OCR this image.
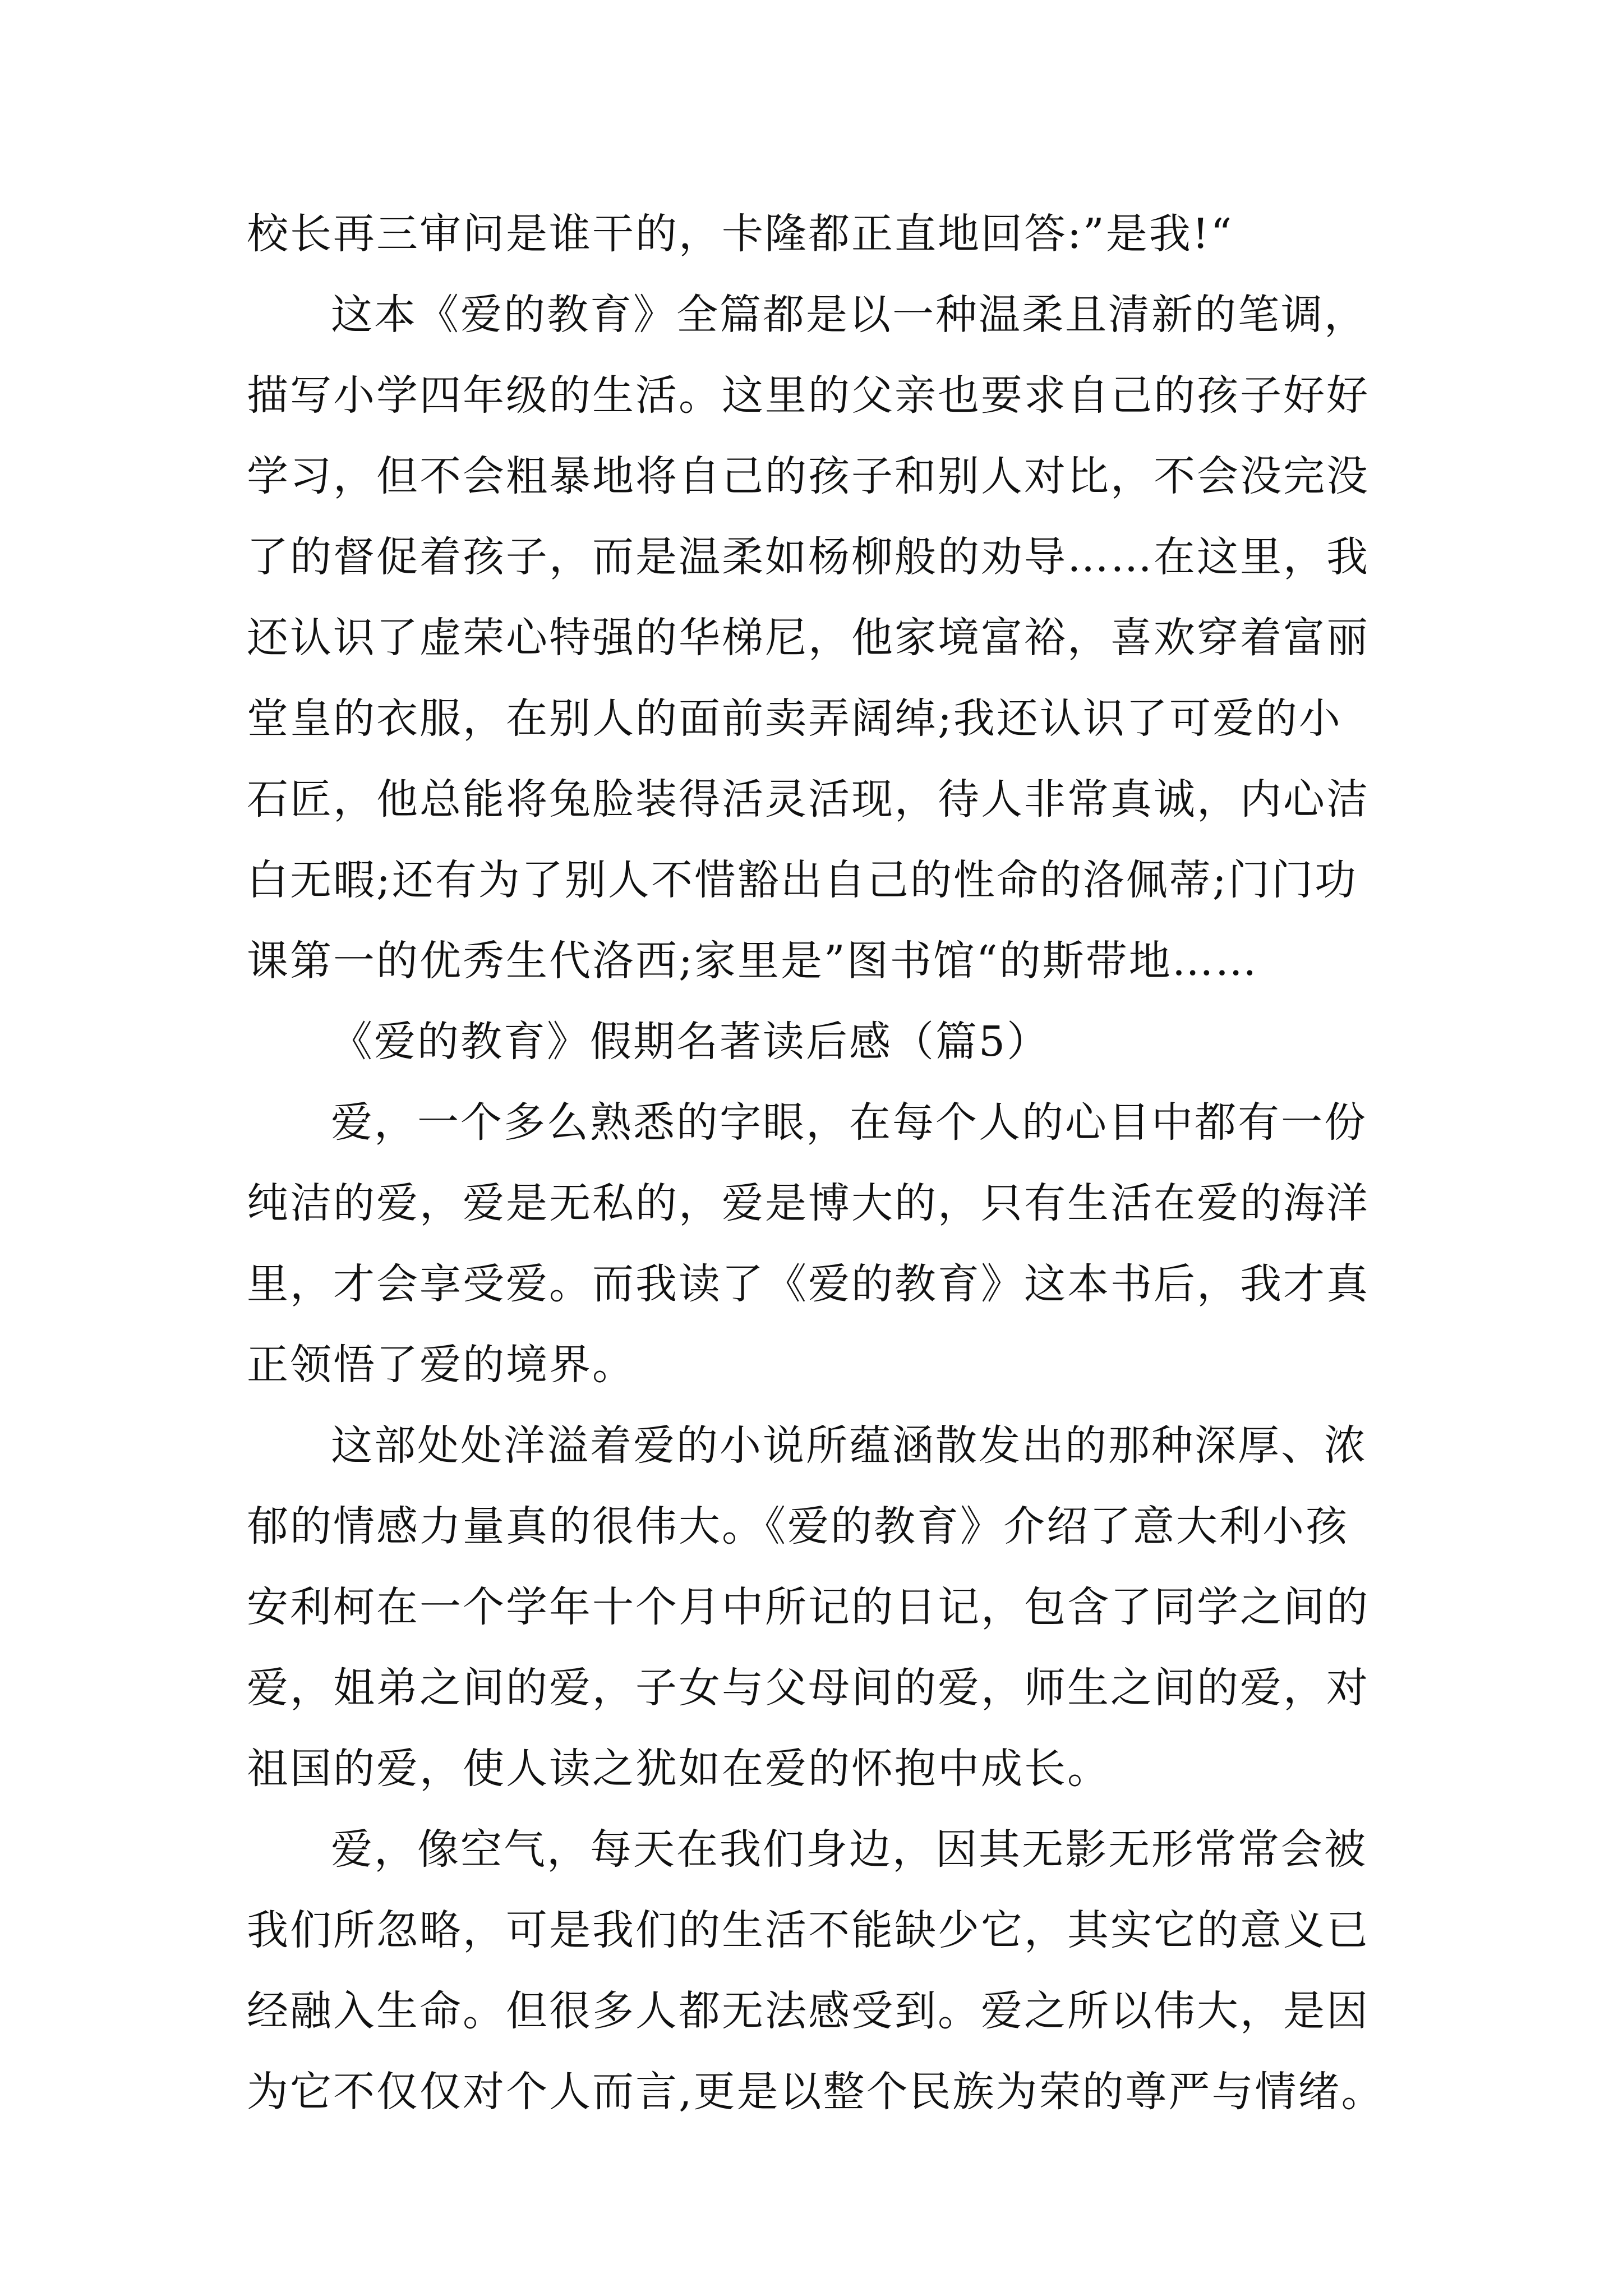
校长再三审问是谁干的，卡隆都正直地回答:”是我!“
这本《爱的教育》全篇都是以一种温柔且清新的笔调，
描写小学四年级的生活。这里的父亲也要求自己的孩子好好
学习，但不会粗暴地将自己的孩子和别人对比，不会没完没
了的督促着孩子，而是温柔如杨柳般的劝导……在这里，我
还认识了虚荣心特强的华梯尼，他家境富裕，喜欢穿着富丽
堂皇的衣服，在别人的面前卖弄阔绰;我还认识了可爱的小
石匠，他总能将兔脸装得活灵活现，待人非常真诚，内心洁
白无暇;还有为了别人不惜豁出自己的性命的洛佩蒂;门门功
课第一的优秀生代洛西;家里是”图书馆“的斯带地……
《爱的教育》假期名著读后感（篇5）
爱，一个多么熟悉的字眼，在每个人的心目中都有一份
纯洁的爱，爱是无私的，爱是博大的，只有生活在爱的海洋
里，才会享受爱。而我读了《爱的教育》这本书后，我才真
正领悟了爱的境界。
这部处处洋溢着爱的小说所蕴涵散发出的那种深厚、浓
郁的情感力量真的很伟大。《爱的教育》介绍了意大利小孩
安利柯在一个学年十个月中所记的日记，包含了同学之间的
爱，姐弟之间的爱，子女与父母间的爱，师生之间的爱，对
祖国的爱，使人读之犹如在爱的怀抱中成长。
爱，像空气，每天在我们身边，因其无影无形常常会被
我们所忽略，可是我们的生活不能缺少它，其实它的意义已
经融入生命。但很多人都无法感受到。爱之所以伟大，是因
为它不仅仅对个人而言,更是以整个民族为荣的尊严与情绪。
